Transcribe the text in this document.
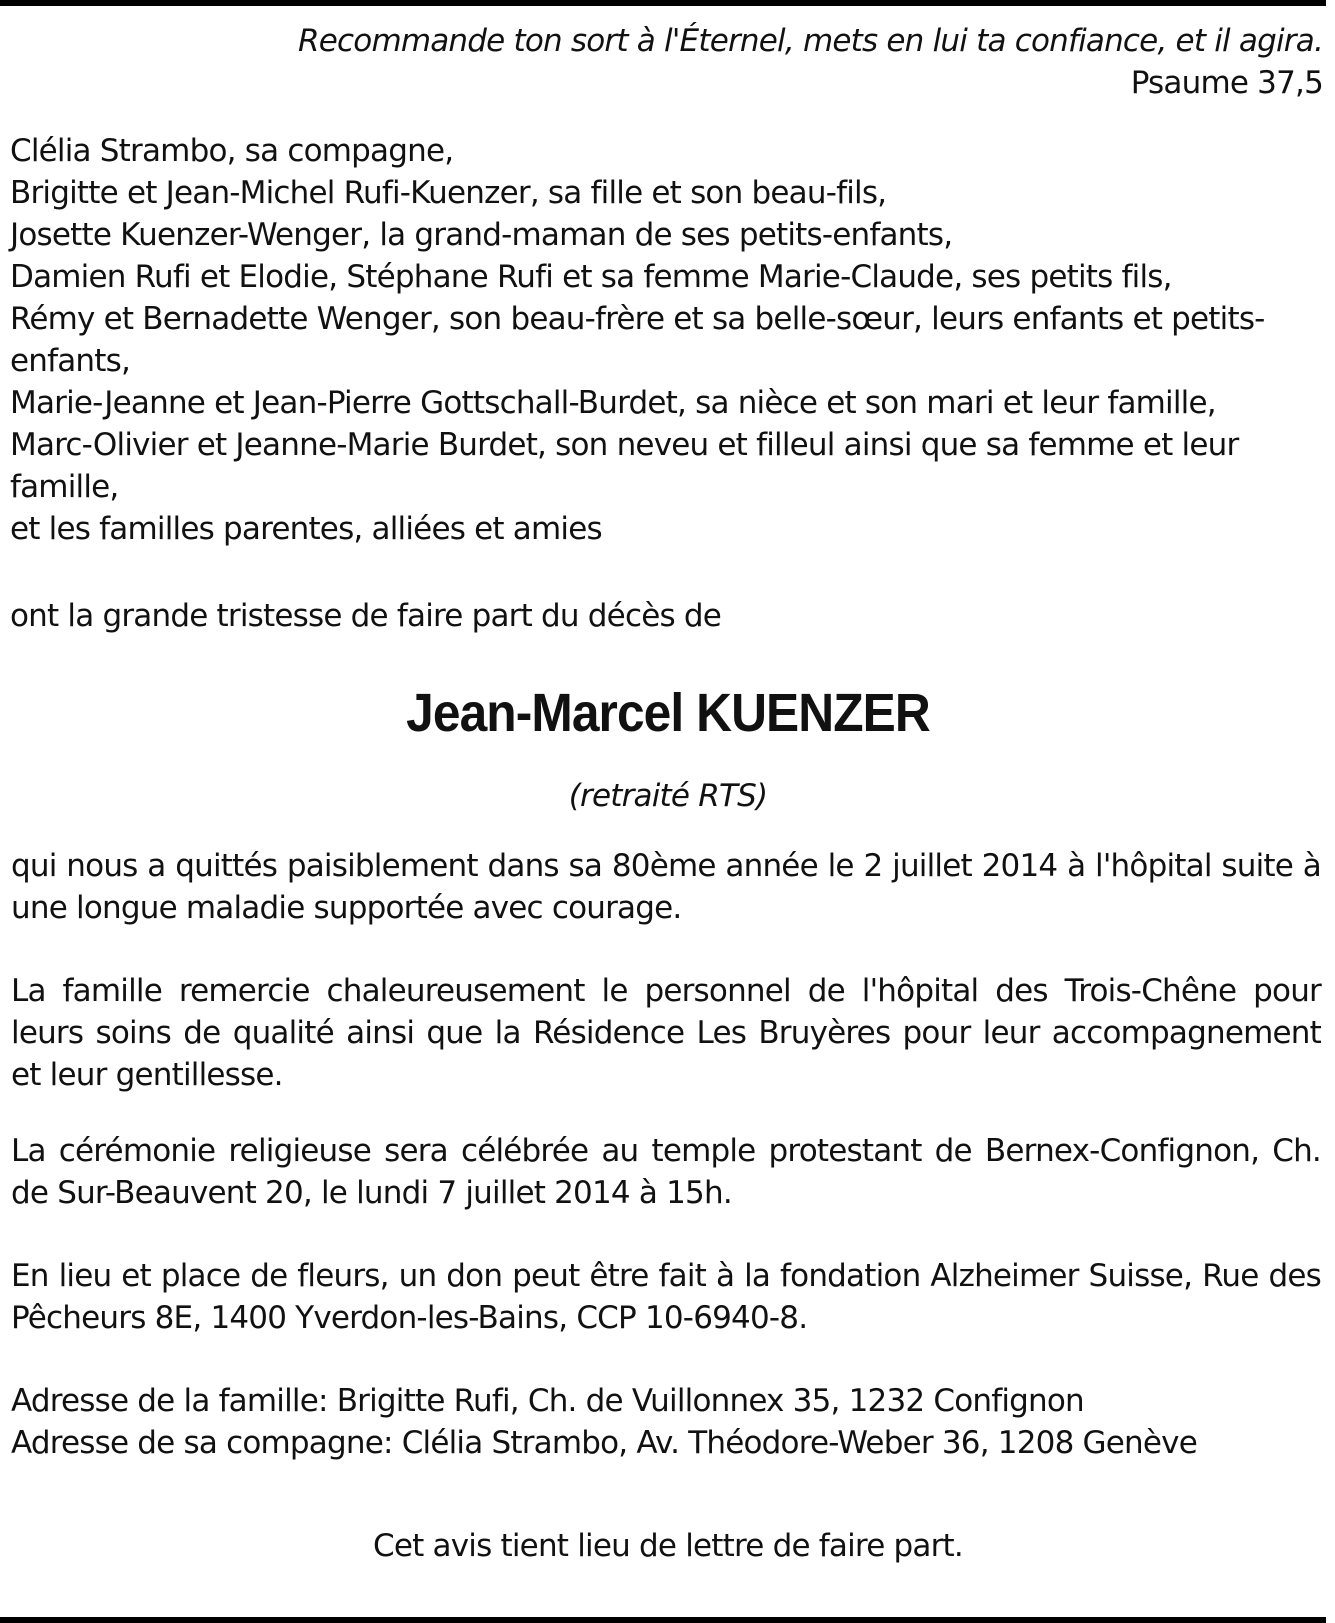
Recommande ton sort à l'Éternel, mets en lui ta confiance, et il agira.
Psaume 37,5
Clélia Strambo, sa compagne,
Brigitte et Jean-Michel Rufi-Kuenzer, sa fille et son beau-fils,
Josette Kuenzer-Wenger, la grand-maman de ses petits-enfants,
Damien Rufi et Elodie, Stéphane Rufi et sa femme Marie-Claude, ses petits fils,
Rémy et Bernadette Wenger, son beau-frère et sa belle-sœur, leurs enfants et petits-
enfants,
Marie-Jeanne et Jean-Pierre Gottschall-Burdet, sa nièce et son mari et leur famille,
Marc-Olivier et Jeanne-Marie Burdet, son neveu et filleul ainsi que sa femme et leur
famille,
et les familles parentes, alliées et amies
ont la grande tristesse de faire part du décès de
Jean-Marcel KUENZER
(retraité RTS)
qui nous a quittés paisiblement dans sa 80ème année le 2 juillet 2014 à l'hôpital suite à une longue maladie supportée avec courage.
La famille remercie chaleureusement le personnel de l'hôpital des Trois-Chêne pour leurs soins de qualité ainsi que la Résidence Les Bruyères pour leur accompagnement et leur gentillesse.
La cérémonie religieuse sera célébrée au temple protestant de Bernex-Confignon, Ch. de Sur-Beauvent 20, le lundi 7 juillet 2014 à 15h.
En lieu et place de fleurs, un don peut être fait à la fondation Alzheimer Suisse, Rue des Pêcheurs 8E, 1400 Yverdon-les-Bains, CCP 10-6940-8.
Adresse de la famille: Brigitte Rufi, Ch. de Vuillonnex 35, 1232 Confignon
Adresse de sa compagne: Clélia Strambo, Av. Théodore-Weber 36, 1208 Genève
Cet avis tient lieu de lettre de faire part.
